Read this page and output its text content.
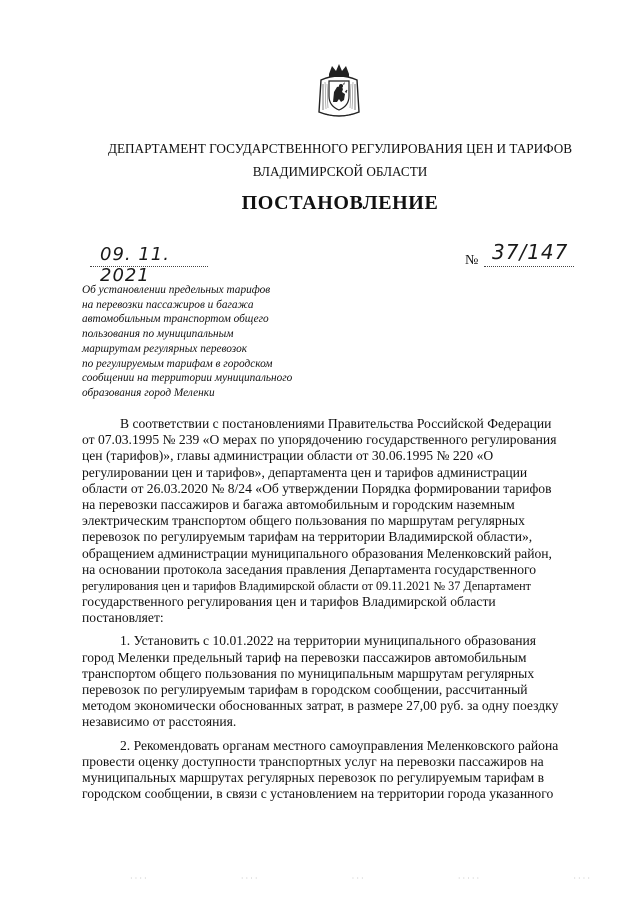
ДЕПАРТАМЕНТ ГОСУДАРСТВЕННОГО РЕГУЛИРОВАНИЯ ЦЕН И ТАРИФОВ
ВЛАДИМИРСКОЙ ОБЛАСТИ
ПОСТАНОВЛЕНИЕ
09. 11. 2021
№ 37/147
Об установлении предельных тарифов
на перевозки пассажиров и багажа
автомобильным транспортом общего
пользования по муниципальным
маршрутам регулярных перевозок
по регулируемым тарифам в городском
сообщении на территории муниципального
образования город Меленки
В соответствии с постановлениями Правительства Российской Федерации
от 07.03.1995 № 239 «О мерах по упорядочению государственного регулирования
цен (тарифов)», главы администрации области от 30.06.1995 № 220 «О
регулировании цен и тарифов», департамента цен и тарифов администрации
области от 26.03.2020 № 8/24 «Об утверждении Порядка формировании тарифов
на перевозки пассажиров и багажа автомобильным и городским наземным
электрическим транспортом общего пользования по маршрутам регулярных
перевозок по регулируемым тарифам на территории Владимирской области»,
обращением администрации муниципального образования Меленковский район,
на основании протокола заседания правления Департамента государственного
регулирования цен и тарифов Владимирской области от 09.11.2021 № 37 Департамент
государственного регулирования цен и тарифов Владимирской области
постановляет:
1. Установить с 10.01.2022 на территории муниципального образования
город Меленки предельный тариф на перевозки пассажиров автомобильным
транспортом общего пользования по муниципальным маршрутам регулярных
перевозок по регулируемым тарифам в городском сообщении, рассчитанный
методом экономически обоснованных затрат, в размере 27,00 руб. за одну поездку
независимо от расстояния.
2. Рекомендовать органам местного самоуправления Меленковского района
провести оценку доступности транспортных услуг на перевозки пассажиров на
муниципальных маршрутах регулярных перевозок по регулируемым тарифам в
городском сообщении, в связи с установлением на территории города указанного
· · · ·	· · · ·	· · ·	· · · · ·	· · · ·
